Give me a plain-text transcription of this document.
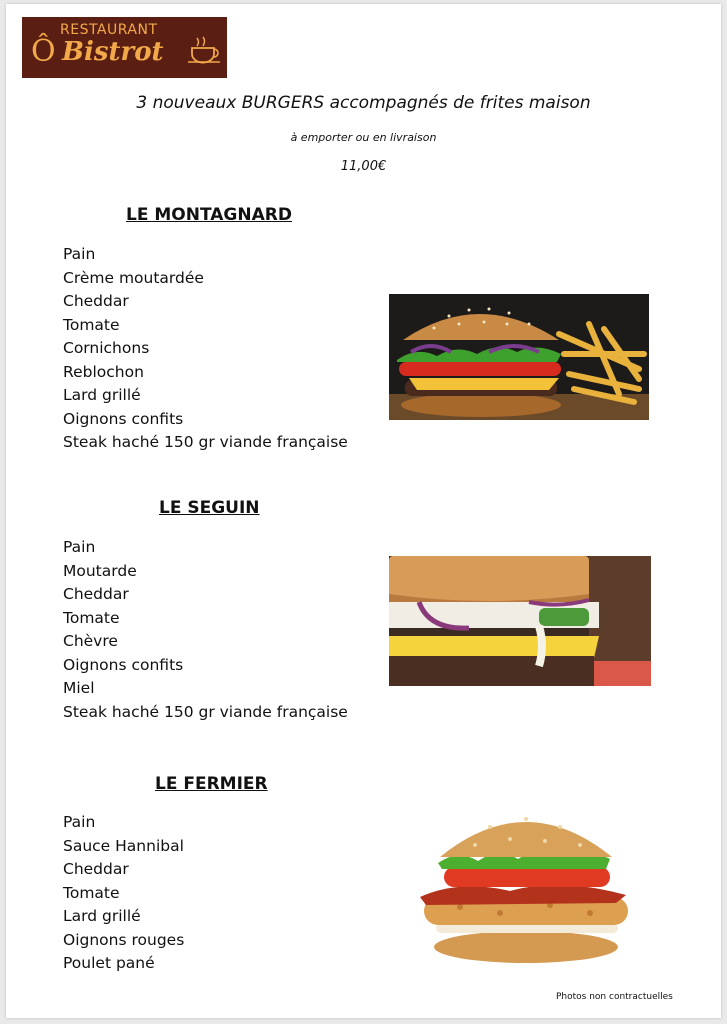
RESTAURANT
Ô Bistrot
3 nouveaux BURGERS accompagnés de frites maison
à emporter ou en livraison
11,00€
LE MONTAGNARD
Pain
Crème moutardée
Cheddar
Tomate
Cornichons
Reblochon
Lard grillé
Oignons confits
Steak haché 150 gr viande française
LE SEGUIN
Pain
Moutarde
Cheddar
Tomate
Chèvre
Oignons confits
Miel
Steak haché 150 gr viande française
LE FERMIER
Pain
Sauce Hannibal
Cheddar
Tomate
Lard grillé
Oignons rouges
Poulet pané
Photos non contractuelles
